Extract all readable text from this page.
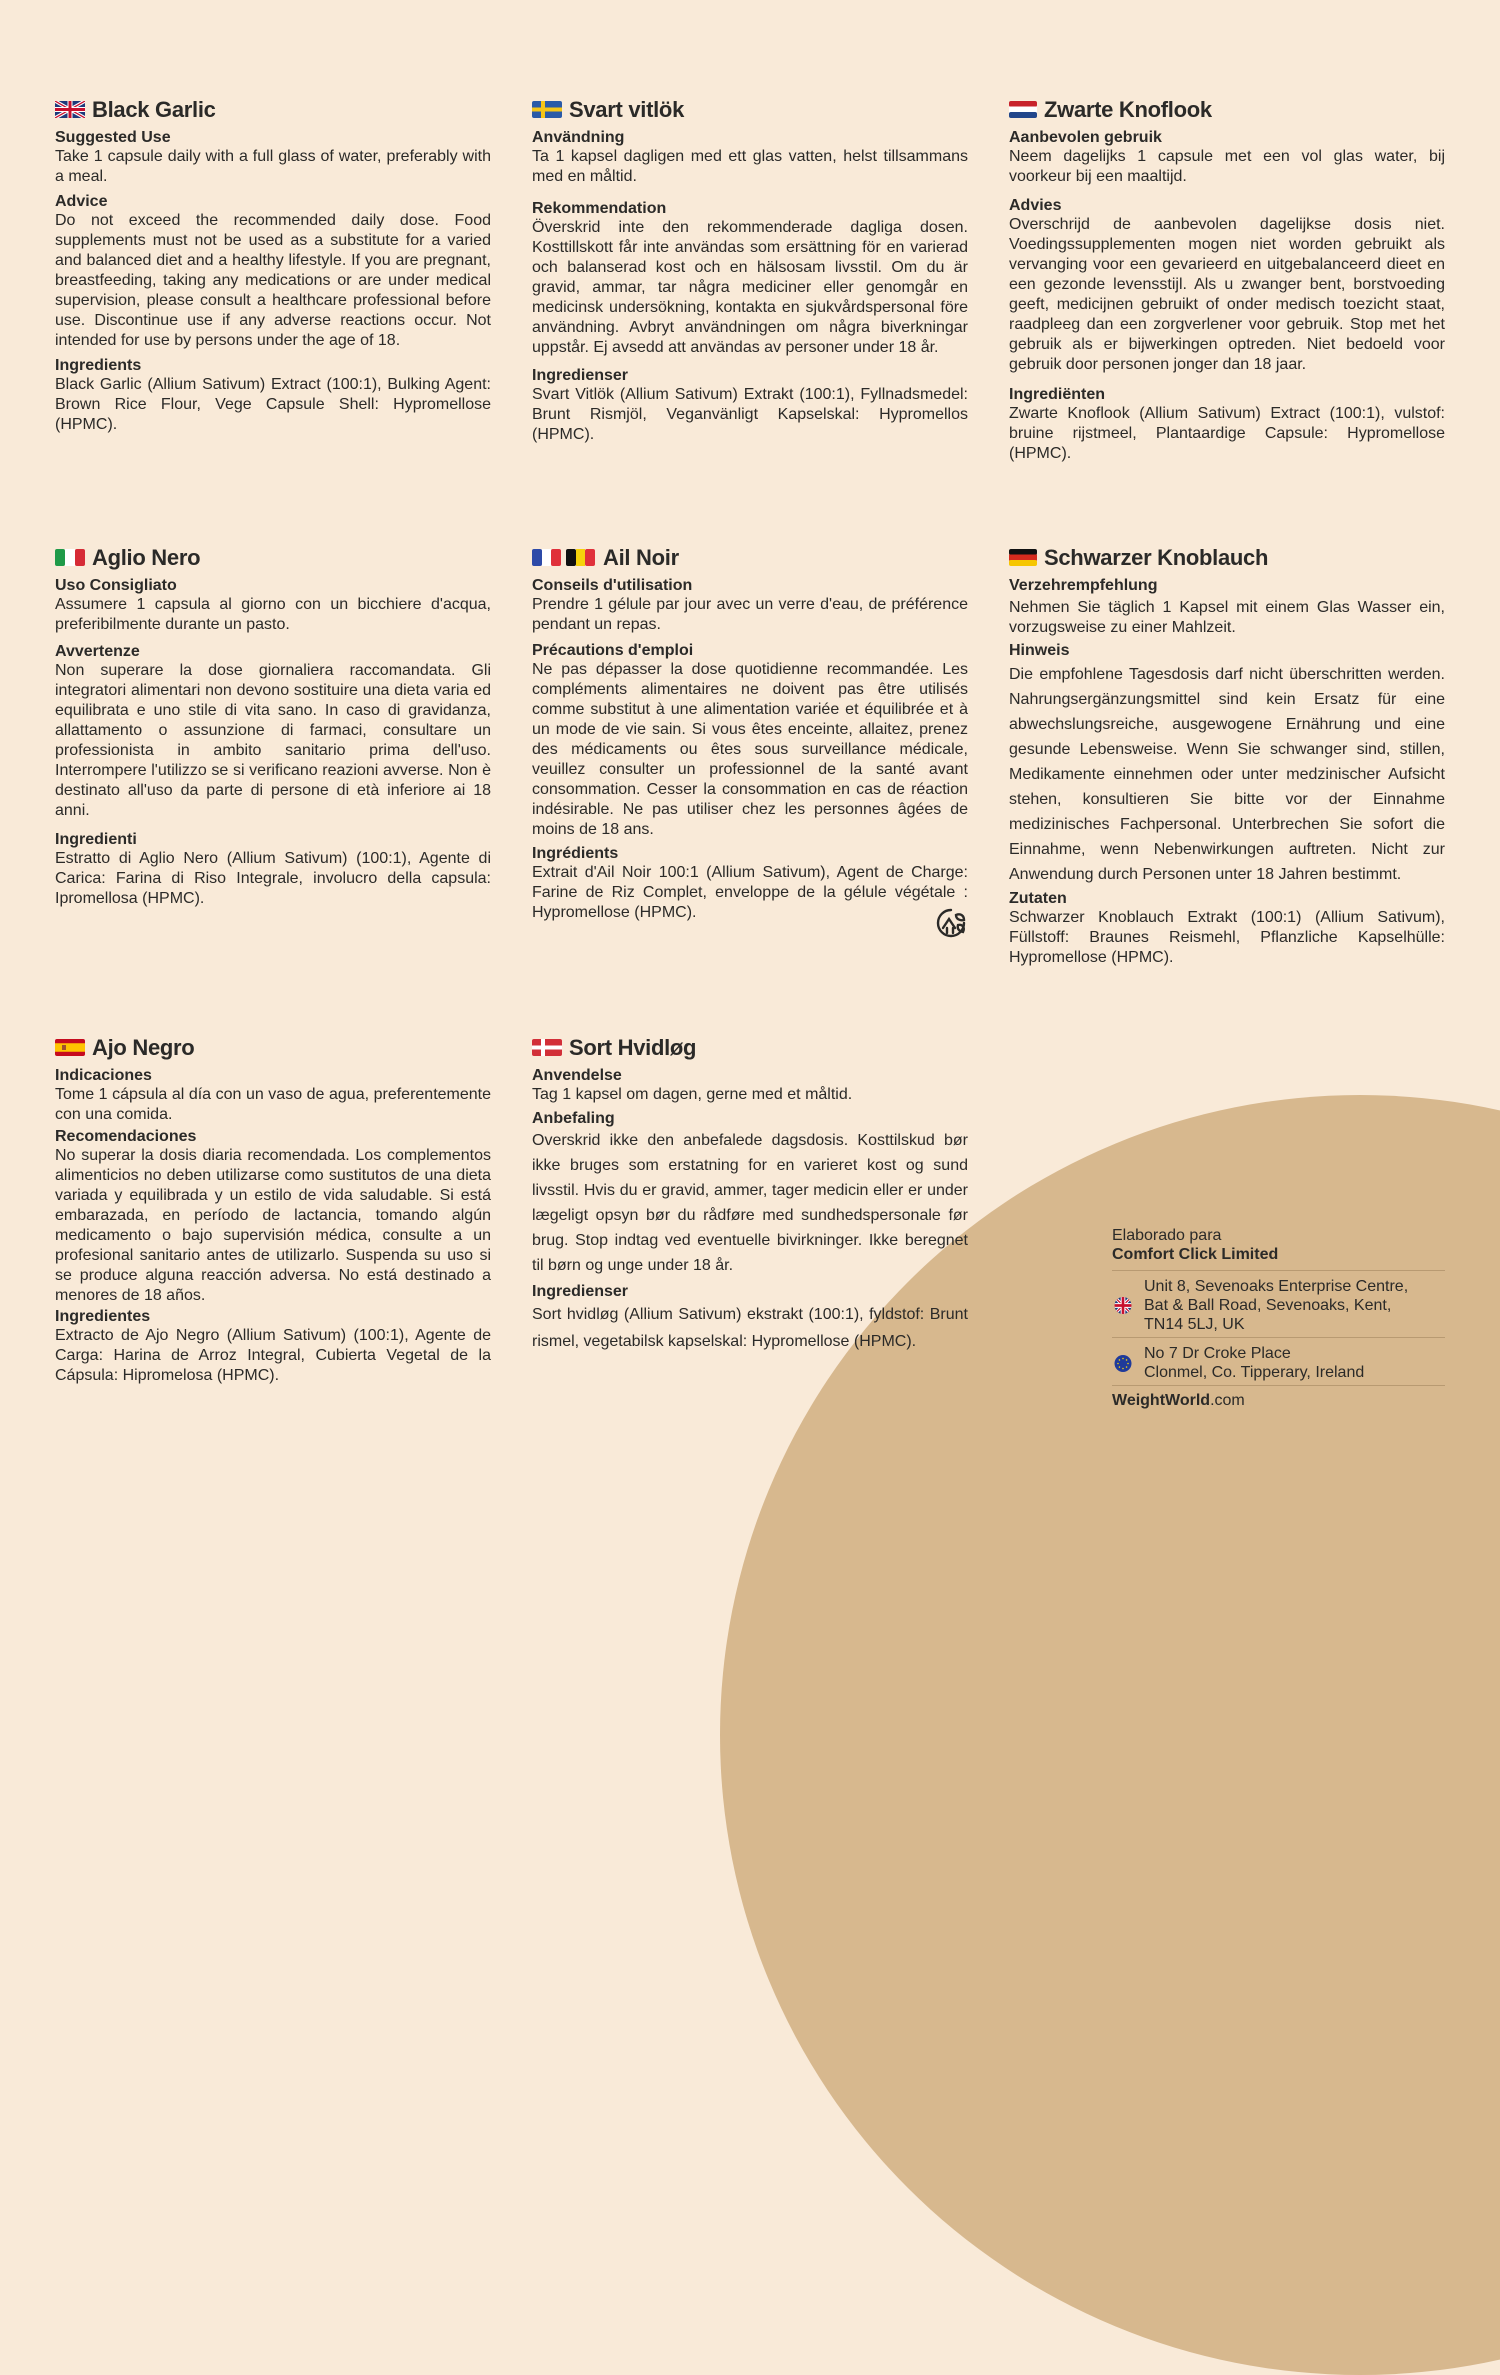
Black Garlic
Suggested Use
Take 1 capsule daily with a full glass of water, preferably with a meal.
Advice
Do not exceed the recommended daily dose. Food supplements must not be used as a substitute for a varied and balanced diet and a healthy lifestyle. If you are pregnant, breastfeeding, taking any medications or are under medical supervision, please consult a healthcare professional before use. Discontinue use if any adverse reactions occur. Not intended for use by persons under the age of 18.
Ingredients
Black Garlic (Allium Sativum) Extract (100:1), Bulking Agent: Brown Rice Flour, Vege Capsule Shell: Hypromellose (HPMC).
Svart vitlök
Användning
Ta 1 kapsel dagligen med ett glas vatten, helst tillsammans med en måltid.
Rekommendation
Överskrid inte den rekommenderade dagliga dosen. Kosttillskott får inte användas som ersättning för en varierad och balanserad kost och en hälsosam livsstil. Om du är gravid, ammar, tar några mediciner eller genomgår en medicinsk undersökning, kontakta en sjukvårdspersonal före användning. Avbryt användningen om några biverkningar uppstår. Ej avsedd att användas av personer under 18 år.
Ingredienser
Svart Vitlök (Allium Sativum) Extrakt (100:1), Fyllnadsmedel: Brunt Rismjöl, Veganvänligt Kapselskal: Hypromellos (HPMC).
Zwarte Knoflook
Aanbevolen gebruik
Neem dagelijks 1 capsule met een vol glas water, bij voorkeur bij een maaltijd.
Advies
Overschrijd de aanbevolen dagelijkse dosis niet. Voedingssupplementen mogen niet worden gebruikt als vervanging voor een gevarieerd en uitgebalanceerd dieet en een gezonde levensstijl. Als u zwanger bent, borstvoeding geeft, medicijnen gebruikt of onder medisch toezicht staat, raadpleeg dan een zorgverlener voor gebruik. Stop met het gebruik als er bijwerkingen optreden. Niet bedoeld voor gebruik door personen jonger dan 18 jaar.
Ingrediënten
Zwarte Knoflook (Allium Sativum) Extract (100:1), vulstof: bruine rijstmeel, Plantaardige Capsule: Hypromellose (HPMC).
Aglio Nero
Uso Consigliato
Assumere 1 capsula al giorno con un bicchiere d'acqua, preferibilmente durante un pasto.
Avvertenze
Non superare la dose giornaliera raccomandata. Gli integratori alimentari non devono sostituire una dieta varia ed equilibrata e uno stile di vita sano. In caso di gravidanza, allattamento o assunzione di farmaci, consultare un professionista in ambito sanitario prima dell'uso. Interrompere l'utilizzo se si verificano reazioni avverse. Non è destinato all'uso da parte di persone di età inferiore ai 18 anni.
Ingredienti
Estratto di Aglio Nero (Allium Sativum) (100:1), Agente di Carica: Farina di Riso Integrale, involucro della capsula: Ipromellosa (HPMC).
Ail Noir
Conseils d'utilisation
Prendre 1 gélule par jour avec un verre d'eau, de préférence pendant un repas.
Précautions d'emploi
Ne pas dépasser la dose quotidienne recommandée. Les compléments alimentaires ne doivent pas être utilisés comme substitut à une alimentation variée et équilibrée et à un mode de vie sain. Si vous êtes enceinte, allaitez, prenez des médicaments ou êtes sous surveillance médicale, veuillez consulter un professionnel de la santé avant consommation. Cesser la consommation en cas de réaction indésirable. Ne pas utiliser chez les personnes âgées de moins de 18 ans.
Ingrédients
Extrait d'Ail Noir 100:1 (Allium Sativum), Agent de Charge: Farine de Riz Complet, enveloppe de la gélule végétale : Hypromellose (HPMC).
Schwarzer Knoblauch
Verzehrempfehlung
Nehmen Sie täglich 1 Kapsel mit einem Glas Wasser ein, vorzugsweise zu einer Mahlzeit.
Hinweis
Die empfohlene Tagesdosis darf nicht überschritten werden. Nahrungsergänzungsmittel sind kein Ersatz für eine abwechslungsreiche, ausgewogene Ernährung und eine gesunde Lebensweise. Wenn Sie schwanger sind, stillen, Medikamente einnehmen oder unter medzinischer Aufsicht stehen, konsultieren Sie bitte vor der Einnahme medizinisches Fachpersonal. Unterbrechen Sie sofort die Einnahme, wenn Nebenwirkungen auftreten. Nicht zur Anwendung durch Personen unter 18 Jahren bestimmt.
Zutaten
Schwarzer Knoblauch Extrakt (100:1) (Allium Sativum), Füllstoff: Braunes Reismehl, Pflanzliche Kapselhülle: Hypromellose (HPMC).
Ajo Negro
Indicaciones
Tome 1 cápsula al día con un vaso de agua, preferentemente con una comida.
Recomendaciones
No superar la dosis diaria recomendada. Los complementos alimenticios no deben utilizarse como sustitutos de una dieta variada y equilibrada y un estilo de vida saludable. Si está embarazada, en período de lactancia, tomando algún medicamento o bajo supervisión médica, consulte a un profesional sanitario antes de utilizarlo. Suspenda su uso si se produce alguna reacción adversa. No está destinado a menores de 18 años.
Ingredientes
Extracto de Ajo Negro (Allium Sativum) (100:1), Agente de Carga: Harina de Arroz Integral, Cubierta Vegetal de la Cápsula: Hipromelosa (HPMC).
Sort Hvidløg
Anvendelse
Tag 1 kapsel om dagen, gerne med et måltid.
Anbefaling
Overskrid ikke den anbefalede dagsdosis. Kosttilskud bør ikke bruges som erstatning for en varieret kost og sund livsstil. Hvis du er gravid, ammer, tager medicin eller er under lægeligt opsyn bør du rådføre med sundhedspersonale før brug. Stop indtag ved eventuelle bivirkninger. Ikke beregnet til børn og unge under 18 år.
Ingredienser
Sort hvidløg (Allium Sativum) ekstrakt (100:1), fyldstof: Brunt rismel, vegetabilsk kapselskal: Hypromellose (HPMC).
Elaborado para
Comfort Click Limited
Unit 8, Sevenoaks Enterprise Centre,
Bat & Ball Road, Sevenoaks, Kent,
TN14 5LJ, UK
No 7 Dr Croke Place
Clonmel, Co. Tipperary, Ireland
WeightWorld.com
